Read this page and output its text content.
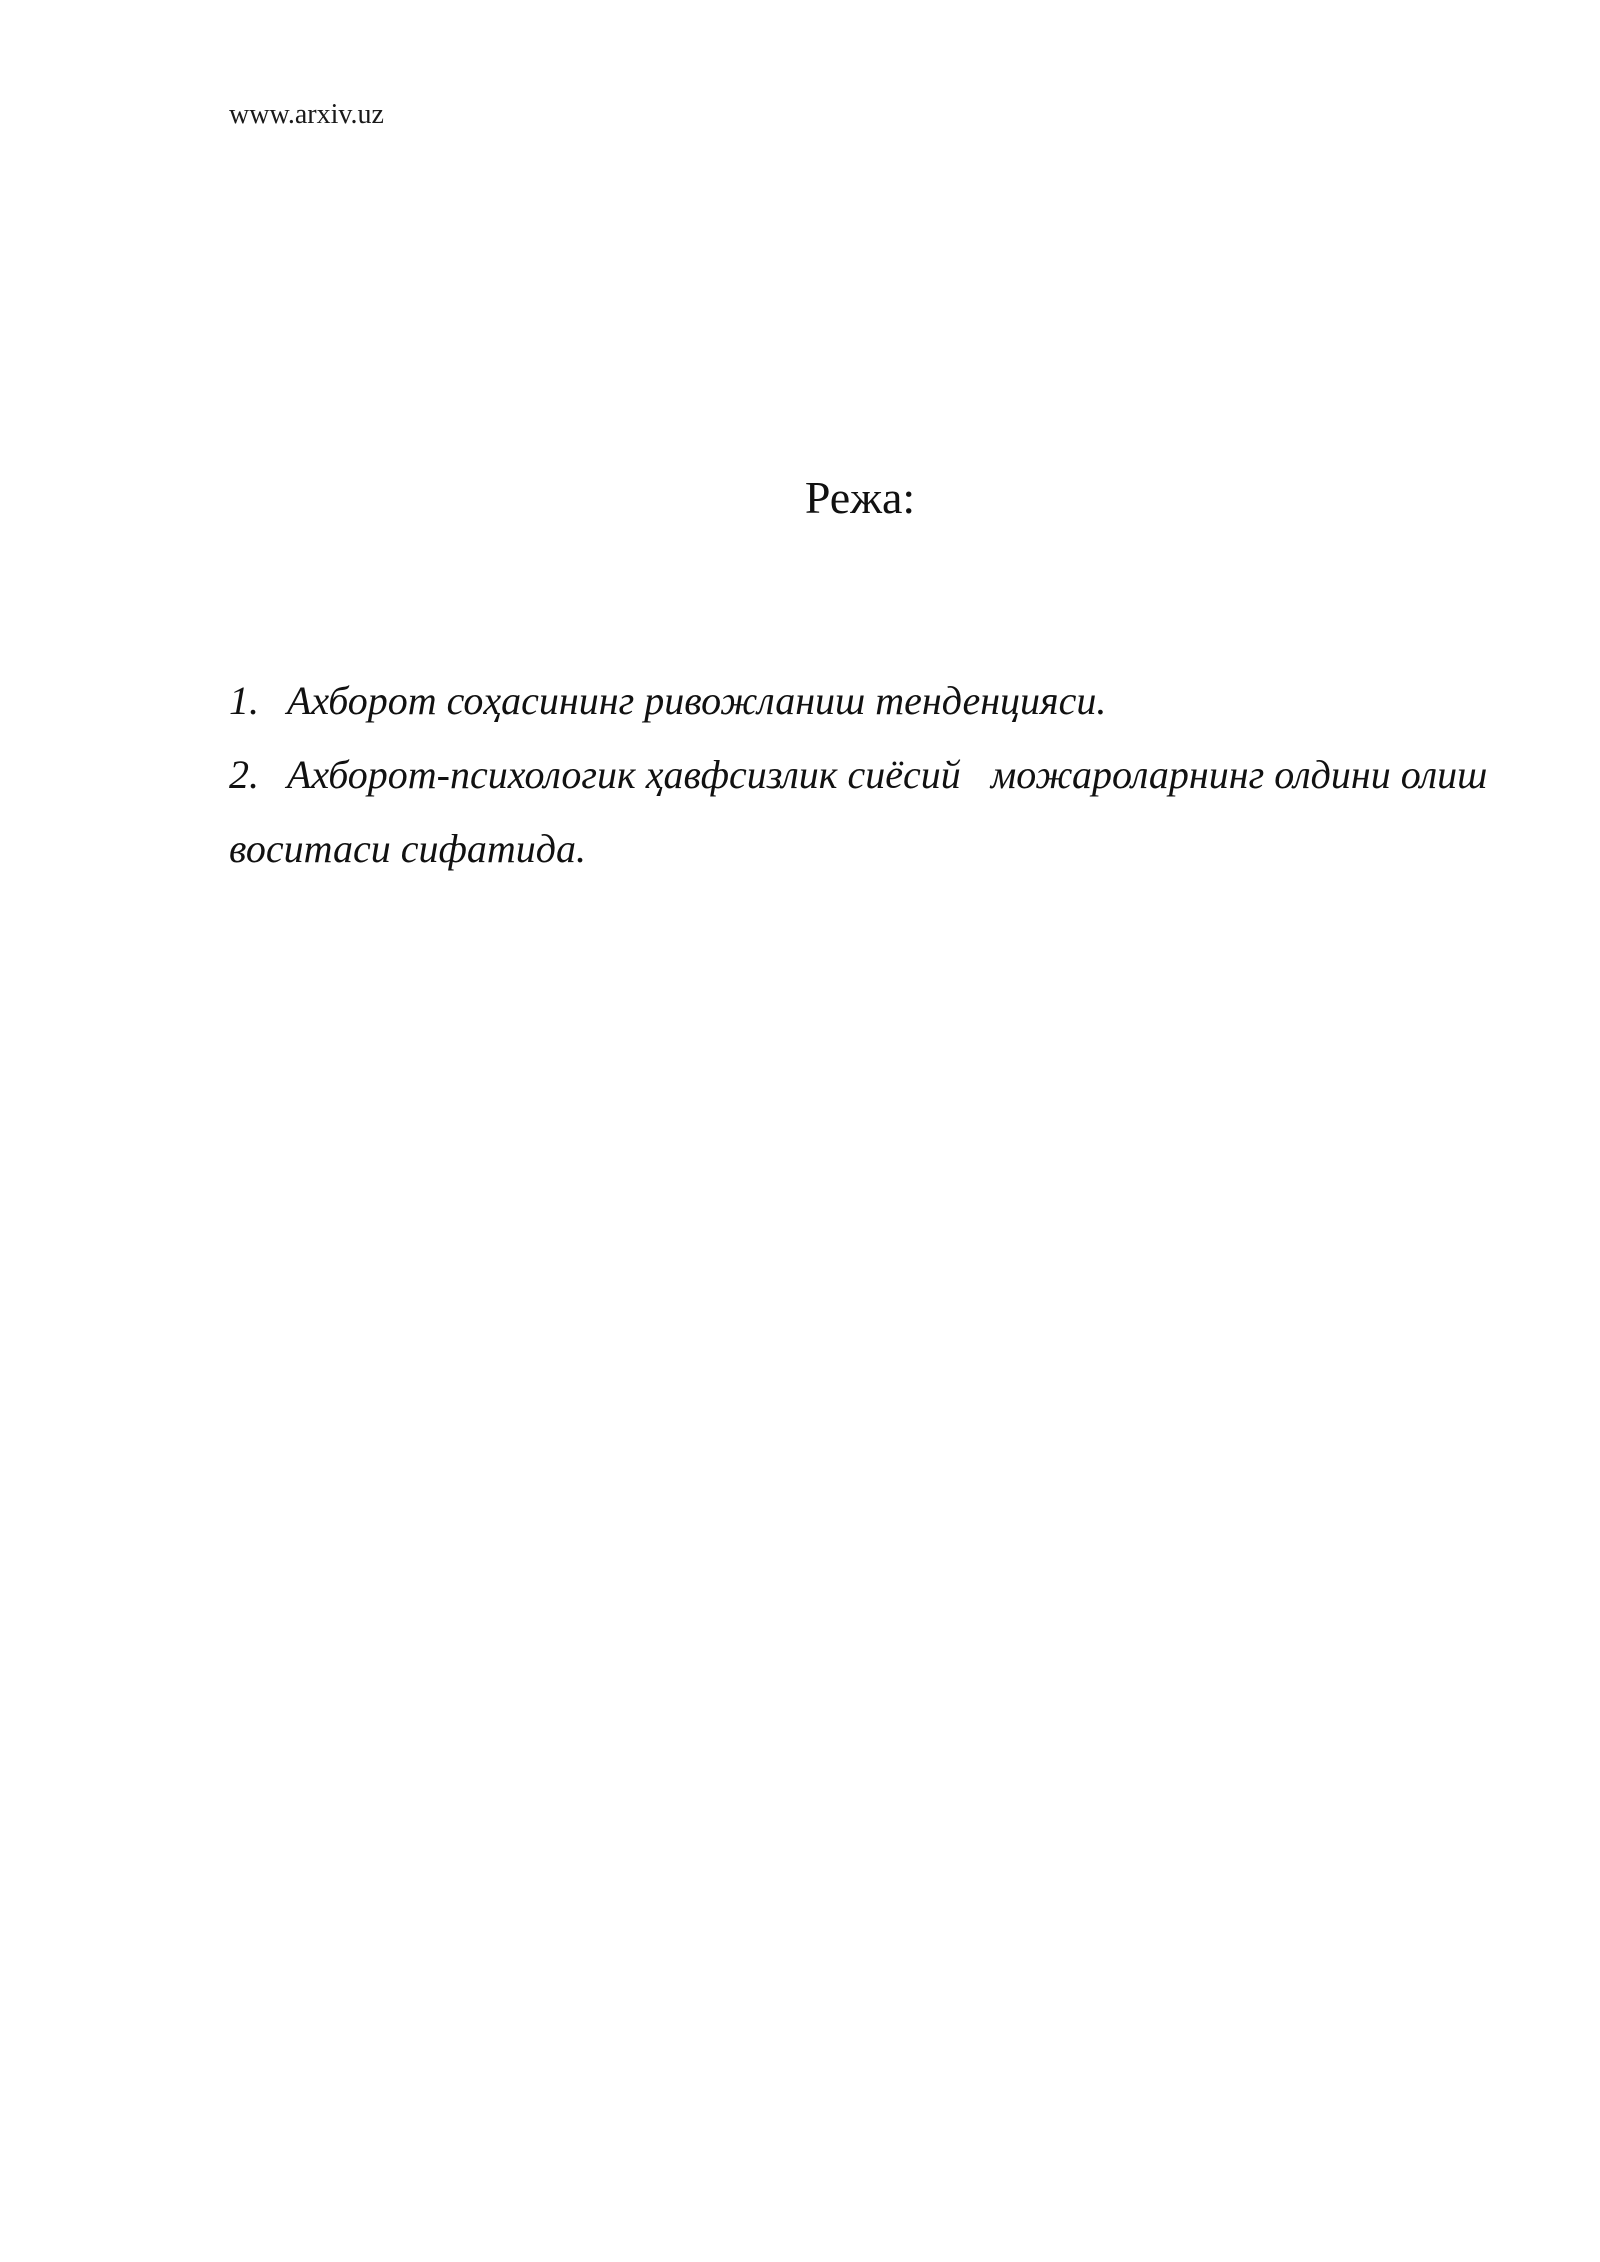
www.arxiv.uz
Режа:
1. Ахборот соҳасининг ривожланиш тенденцияси.
2. Ахборот-психологик ҳавфсизлик сиёсий   можароларнинг олдини олиш воситаси сифатида.
